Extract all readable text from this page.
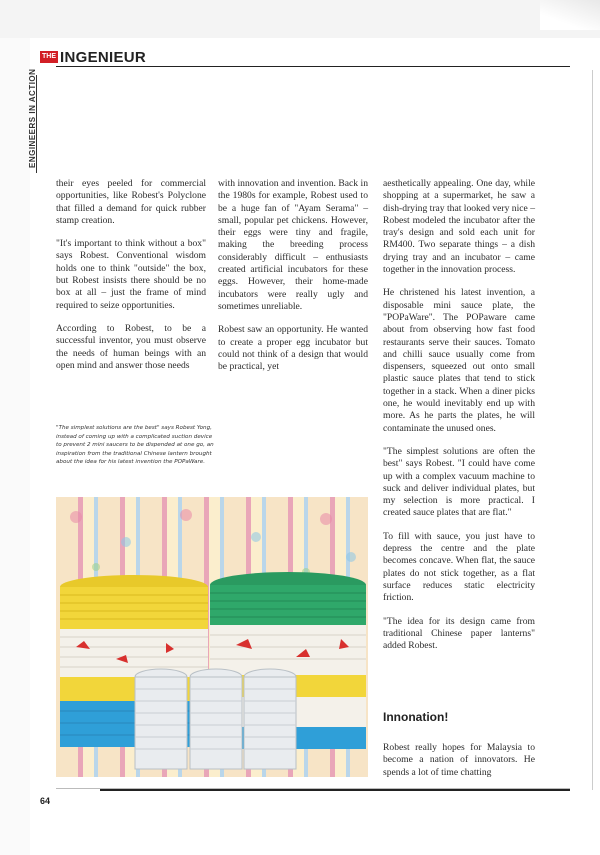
THE INGENIEUR
ENGINEERS IN ACTION

their eyes peeled for commercial opportunities, like Robest's Polyclone that filled a demand for quick rubber stamp creation.

"It's important to think without a box" says Robest. Conventional wisdom holds one to think "outside" the box, but Robest insists there should be no box at all – just the frame of mind required to seize opportunities.

According to Robest, to be a successful inventor, you must observe the needs of human beings with an open mind and answer those needs

with innovation and invention. Back in the 1980s for example, Robest used to be a huge fan of "Ayam Serama" – small, popular pet chickens. However, their eggs were tiny and fragile, making the breeding process considerably difficult – enthusiasts created artificial incubators for these eggs. However, their home-made incubators were really ugly and sometimes unreliable.

Robest saw an opportunity. He wanted to create a proper egg incubator but could not think of a design that would be practical, yet

aesthetically appealing. One day, while shopping at a supermarket, he saw a dish-drying tray that looked very nice – Robest modeled the incubator after the tray's design and sold each unit for RM400. Two separate things – a dish drying tray and an incubator – came together in the innovation process.

He christened his latest invention, a disposable mini sauce plate, the "POPaWare". The POPaware came about from observing how fast food restaurants serve their sauces. Tomato and chilli sauce usually come from dispensers, squeezed out onto small plastic sauce plates that tend to stick together in a stack. When a diner picks one, he would inevitably end up with more. As he parts the plates, he will contaminate the unused ones.

"The simplest solutions are often the best" says Robest. "I could have come up with a complex vacuum machine to suck and deliver individual plates, but my selection is more practical. I created sauce plates that are flat."

To fill with sauce, you just have to depress the centre and the plate becomes concave. When flat, the sauce plates do not stick together, as a flat surface reduces static electricity friction.

"The idea for its design came from traditional Chinese paper lanterns" added Robest.

Innonation!

Robest really hopes for Malaysia to become a nation of innovators. He spends a lot of time chatting

"The simplest solutions are the best" says Robest Yong, instead of coming up with a complicated suction device to prevent 2 mini saucers to be dispended at one go, an inspiration from the traditional Chinese lantern brought about the idea for his latest invention the POPaWare.
64
